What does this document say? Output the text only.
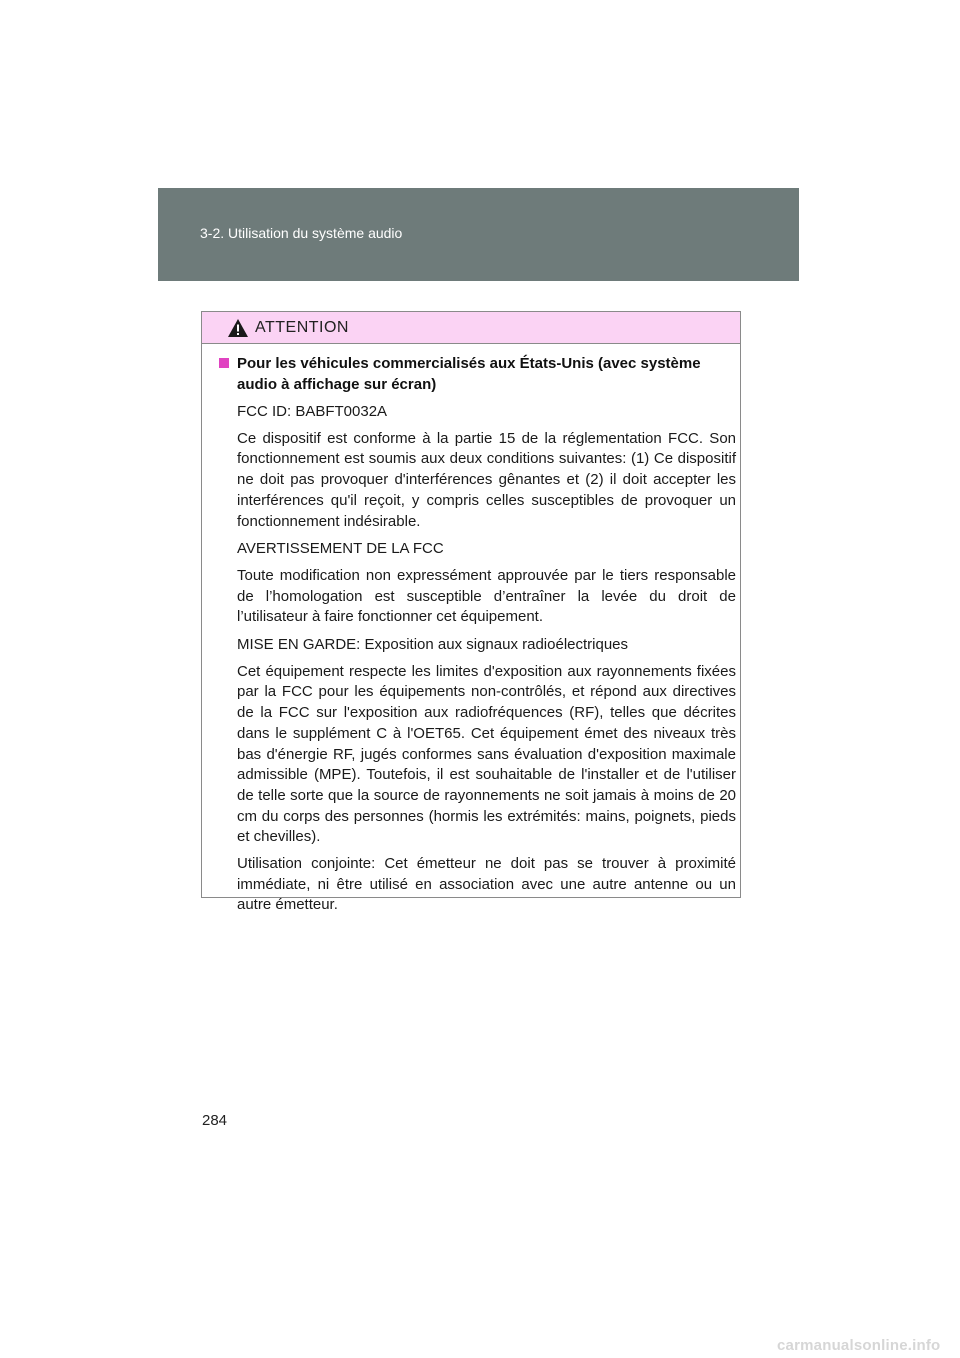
3-2. Utilisation du système audio
ATTENTION
Pour les véhicules commercialisés aux États-Unis (avec système audio à affichage sur écran)

FCC ID: BABFT0032A

Ce dispositif est conforme à la partie 15 de la réglementation FCC. Son fonctionnement est soumis aux deux conditions suivantes: (1) Ce dispositif ne doit pas provoquer d'interférences gênantes et (2) il doit accepter les interférences qu'il reçoit, y compris celles susceptibles de provoquer un fonctionnement indésirable.

AVERTISSEMENT DE LA FCC

Toute modification non expressément approuvée par le tiers responsable de l’homologation est susceptible d’entraîner la levée du droit de l’utilisateur à faire fonctionner cet équipement.

MISE EN GARDE: Exposition aux signaux radioélectriques

Cet équipement respecte les limites d'exposition aux rayonnements fixées par la FCC pour les équipements non-contrôlés, et répond aux directives de la FCC sur l'exposition aux radiofréquences (RF), telles que décrites dans le supplément C à l'OET65. Cet équipement émet des niveaux très bas d'énergie RF, jugés conformes sans évaluation d'exposition maximale admissible (MPE). Toutefois, il est souhaitable de l'installer et de l'utiliser de telle sorte que la source de rayonnements ne soit jamais à moins de 20 cm du corps des personnes (hormis les extrémités: mains, poignets, pieds et chevilles).

Utilisation conjointe: Cet émetteur ne doit pas se trouver à proximité immédiate, ni être utilisé en association avec une autre antenne ou un autre émetteur.

284
carmanualsonline.info
